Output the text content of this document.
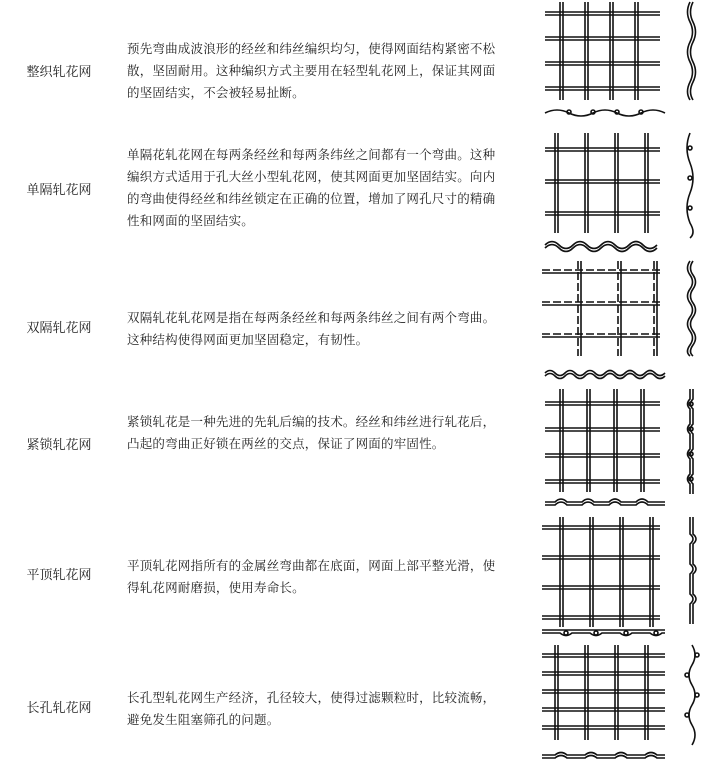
整织轧花网
预先弯曲成波浪形的经丝和纬丝编织均匀，使得网面结构紧密不松散，坚固耐用。这种编织方式主要用在轻型轧花网上，保证其网面的坚固结实，不会被轻易扯断。
单隔轧花网
单隔花轧花网在每两条经丝和每两条纬丝之间都有一个弯曲。这种编织方式适用于孔大丝小型轧花网，使其网面更加坚固结实。向内的弯曲使得经丝和纬丝锁定在正确的位置，增加了网孔尺寸的精确性和网面的坚固结实。
双隔轧花网
双隔轧花轧花网是指在每两条经丝和每两条纬丝之间有两个弯曲。这种结构使得网面更加坚固稳定，有韧性。
紧锁轧花网
紧锁轧花是一种先进的先轧后编的技术。经丝和纬丝进行轧花后，凸起的弯曲正好锁在两丝的交点，保证了网面的牢固性。
平顶轧花网
平顶轧花网指所有的金属丝弯曲都在底面，网面上部平整光滑，使得轧花网耐磨损，使用寿命长。
长孔轧花网
长孔型轧花网生产经济，孔径较大，使得过滤颗粒时，比较流畅，避免发生阻塞筛孔的问题。
